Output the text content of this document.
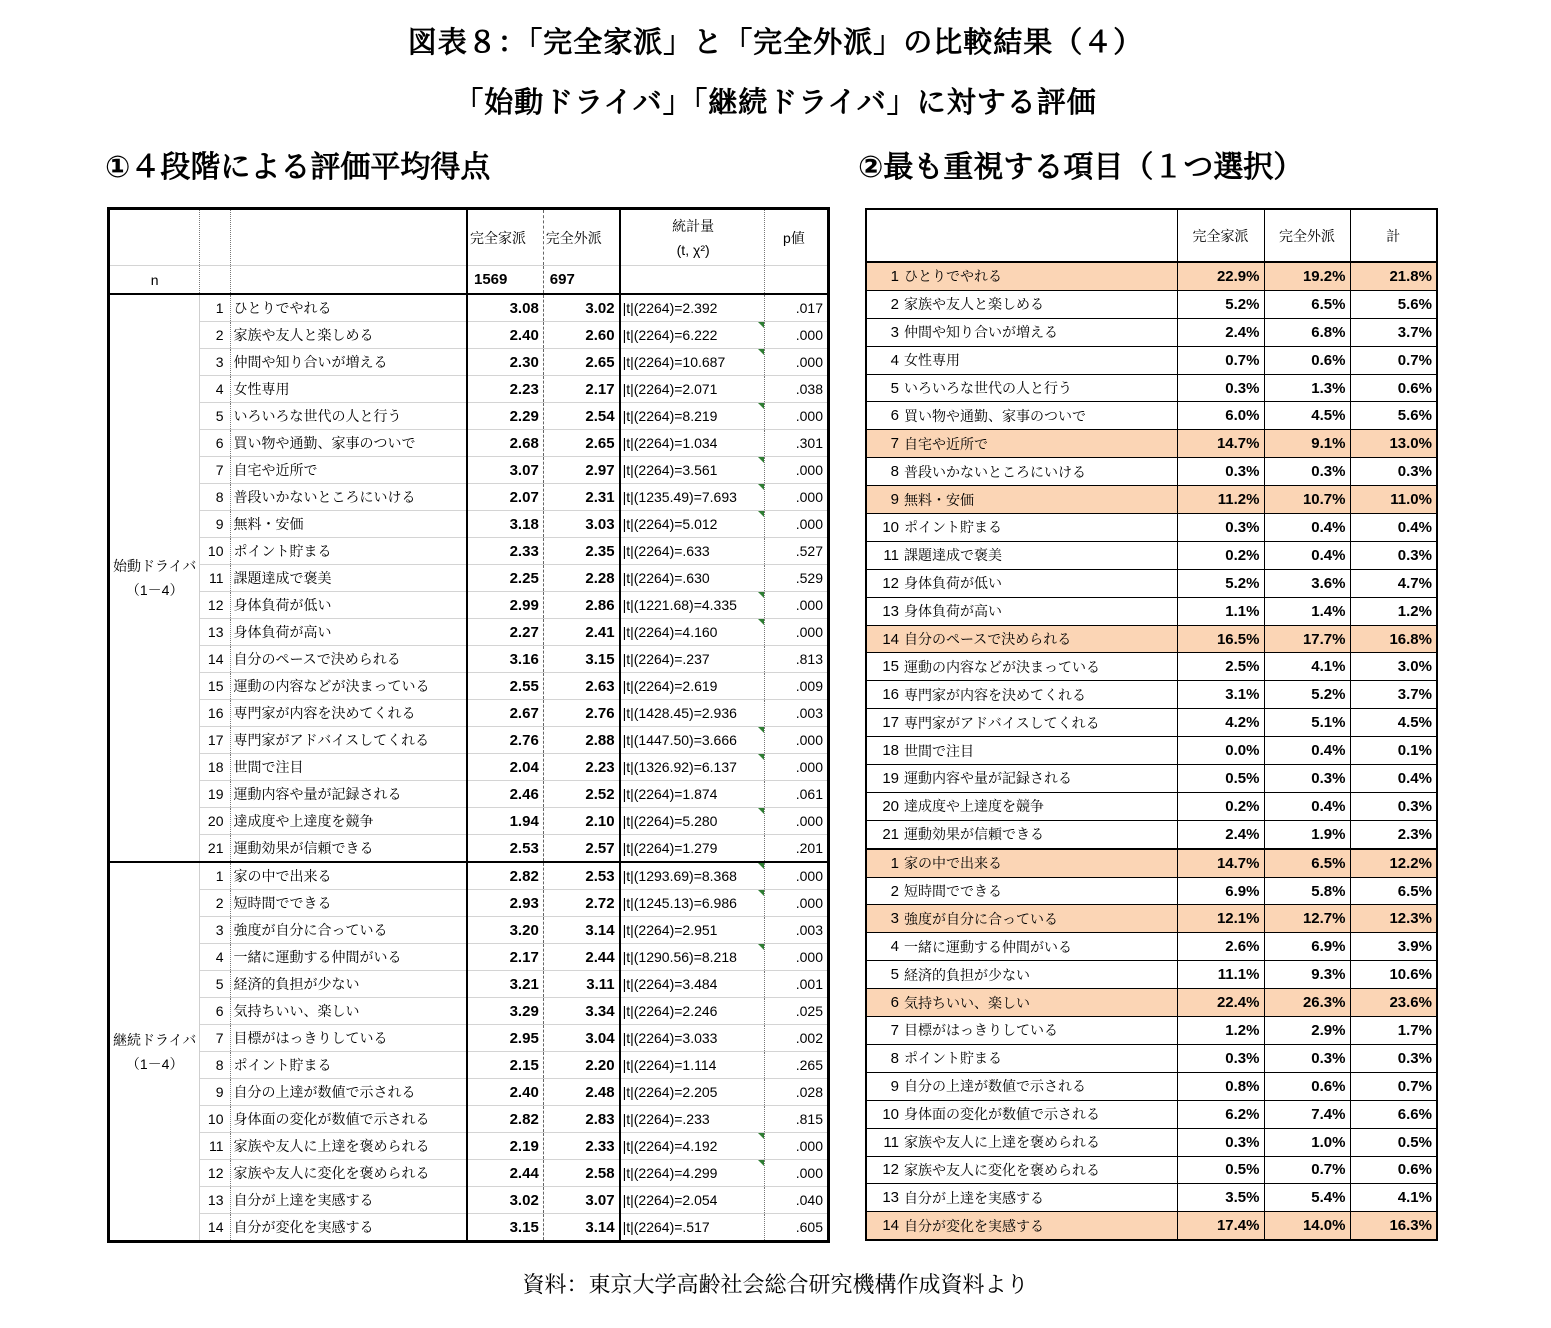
図表８：「完全家派」と「完全外派」の比較結果（４）
「始動ドライバ」「継続ドライバ」に対する評価
①４段階による評価平均得点	②最も重視する項目（１つ選択）
			完全家派	完全外派	統計量
(t, χ²)	p値
n			1569	697		

始動ドライバ
（1－4）	1	ひとりでやれる	3.08	3.02	|t|(2264)=2.392	.017
	2	家族や友人と楽しめる	2.40	2.60	|t|(2264)=6.222	.000
	3	仲間や知り合いが増える	2.30	2.65	|t|(2264)=10.687	.000
	4	女性専用	2.23	2.17	|t|(2264)=2.071	.038
	5	いろいろな世代の人と行う	2.29	2.54	|t|(2264)=8.219	.000
	6	買い物や通勤、家事のついで	2.68	2.65	|t|(2264)=1.034	.301
	7	自宅や近所で	3.07	2.97	|t|(2264)=3.561	.000
	8	普段いかないところにいける	2.07	2.31	|t|(1235.49)=7.693	.000
	9	無料・安価	3.18	3.03	|t|(2264)=5.012	.000
	10	ポイント貯まる	2.33	2.35	|t|(2264)=.633	.527
	11	課題達成で褒美	2.25	2.28	|t|(2264)=.630	.529
	12	身体負荷が低い	2.99	2.86	|t|(1221.68)=4.335	.000
	13	身体負荷が高い	2.27	2.41	|t|(2264)=4.160	.000
	14	自分のペースで決められる	3.16	3.15	|t|(2264)=.237	.813
	15	運動の内容などが決まっている	2.55	2.63	|t|(2264)=2.619	.009
	16	専門家が内容を決めてくれる	2.67	2.76	|t|(1428.45)=2.936	.003
	17	専門家がアドバイスしてくれる	2.76	2.88	|t|(1447.50)=3.666	.000
	18	世間で注目	2.04	2.23	|t|(1326.92)=6.137	.000
	19	運動内容や量が記録される	2.46	2.52	|t|(2264)=1.874	.061
	20	達成度や上達度を競争	1.94	2.10	|t|(2264)=5.280	.000
	21	運動効果が信頼できる	2.53	2.57	|t|(2264)=1.279	.201

継続ドライバ
（1－4）	1	家の中で出来る	2.82	2.53	|t|(1293.69)=8.368	.000
	2	短時間でできる	2.93	2.72	|t|(1245.13)=6.986	.000
	3	強度が自分に合っている	3.20	3.14	|t|(2264)=2.951	.003
	4	一緒に運動する仲間がいる	2.17	2.44	|t|(1290.56)=8.218	.000
	5	経済的負担が少ない	3.21	3.11	|t|(2264)=3.484	.001
	6	気持ちいい、楽しい	3.29	3.34	|t|(2264)=2.246	.025
	7	目標がはっきりしている	2.95	3.04	|t|(2264)=3.033	.002
	8	ポイント貯まる	2.15	2.20	|t|(2264)=1.114	.265
	9	自分の上達が数値で示される	2.40	2.48	|t|(2264)=2.205	.028
	10	身体面の変化が数値で示される	2.82	2.83	|t|(2264)=.233	.815
	11	家族や友人に上達を褒められる	2.19	2.33	|t|(2264)=4.192	.000
	12	家族や友人に変化を褒められる	2.44	2.58	|t|(2264)=4.299	.000
	13	自分が上達を実感する	3.02	3.07	|t|(2264)=2.054	.040
	14	自分が変化を実感する	3.15	3.14	|t|(2264)=.517	.605
		完全家派	完全外派	計
1	ひとりでやれる	22.9%	19.2%	21.8%
2	家族や友人と楽しめる	5.2%	6.5%	5.6%
3	仲間や知り合いが増える	2.4%	6.8%	3.7%
4	女性専用	0.7%	0.6%	0.7%
5	いろいろな世代の人と行う	0.3%	1.3%	0.6%
6	買い物や通勤、家事のついで	6.0%	4.5%	5.6%
7	自宅や近所で	14.7%	9.1%	13.0%
8	普段いかないところにいける	0.3%	0.3%	0.3%
9	無料・安価	11.2%	10.7%	11.0%
10	ポイント貯まる	0.3%	0.4%	0.4%
11	課題達成で褒美	0.2%	0.4%	0.3%
12	身体負荷が低い	5.2%	3.6%	4.7%
13	身体負荷が高い	1.1%	1.4%	1.2%
14	自分のペースで決められる	16.5%	17.7%	16.8%
15	運動の内容などが決まっている	2.5%	4.1%	3.0%
16	専門家が内容を決めてくれる	3.1%	5.2%	3.7%
17	専門家がアドバイスしてくれる	4.2%	5.1%	4.5%
18	世間で注目	0.0%	0.4%	0.1%
19	運動内容や量が記録される	0.5%	0.3%	0.4%
20	達成度や上達度を競争	0.2%	0.4%	0.3%
21	運動効果が信頼できる	2.4%	1.9%	2.3%
1	家の中で出来る	14.7%	6.5%	12.2%
2	短時間でできる	6.9%	5.8%	6.5%
3	強度が自分に合っている	12.1%	12.7%	12.3%
4	一緒に運動する仲間がいる	2.6%	6.9%	3.9%
5	経済的負担が少ない	11.1%	9.3%	10.6%
6	気持ちいい、楽しい	22.4%	26.3%	23.6%
7	目標がはっきりしている	1.2%	2.9%	1.7%
8	ポイント貯まる	0.3%	0.3%	0.3%
9	自分の上達が数値で示される	0.8%	0.6%	0.7%
10	身体面の変化が数値で示される	6.2%	7.4%	6.6%
11	家族や友人に上達を褒められる	0.3%	1.0%	0.5%
12	家族や友人に変化を褒められる	0.5%	0.7%	0.6%
13	自分が上達を実感する	3.5%	5.4%	4.1%
14	自分が変化を実感する	17.4%	14.0%	16.3%
資料：東京大学高齢社会総合研究機構作成資料より
